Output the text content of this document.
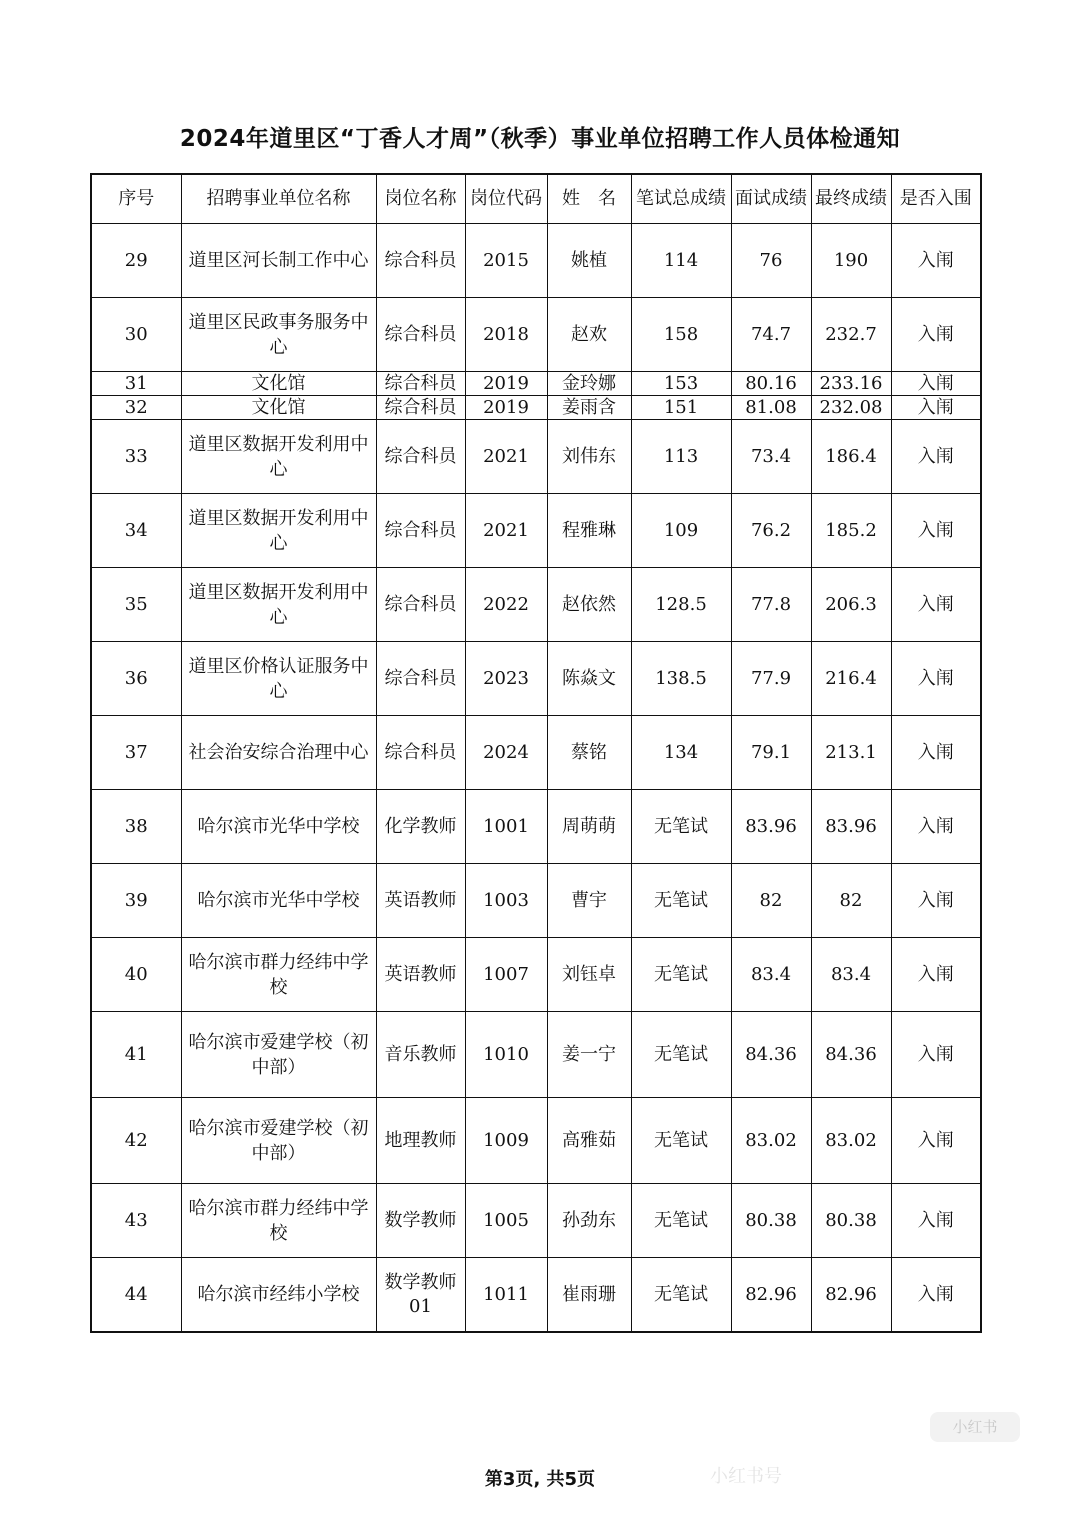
2024年道里区“丁香人才周”（秋季）事业单位招聘工作人员体检通知
序号	招聘事业单位名称	岗位名称	岗位代码	姓　名	笔试总成绩	面试成绩	最终成绩	是否入围
29	道里区河长制工作中心	综合科员	2015	姚植	114	76	190	入闱
30	道里区民政事务服务中心	综合科员	2018	赵欢	158	74.7	232.7	入闱
31	文化馆	综合科员	2019	金玲娜	153	80.16	233.16	入闱
32	文化馆	综合科员	2019	姜雨含	151	81.08	232.08	入闱
33	道里区数据开发利用中心	综合科员	2021	刘伟东	113	73.4	186.4	入闱
34	道里区数据开发利用中心	综合科员	2021	程雅琳	109	76.2	185.2	入闱
35	道里区数据开发利用中心	综合科员	2022	赵依然	128.5	77.8	206.3	入闱
36	道里区价格认证服务中心	综合科员	2023	陈焱文	138.5	77.9	216.4	入闱
37	社会治安综合治理中心	综合科员	2024	蔡铭	134	79.1	213.1	入闱
38	哈尔滨市光华中学校	化学教师	1001	周萌萌	无笔试	83.96	83.96	入闱
39	哈尔滨市光华中学校	英语教师	1003	曹宇	无笔试	82	82	入闱
40	哈尔滨市群力经纬中学校	英语教师	1007	刘钰卓	无笔试	83.4	83.4	入闱
41	哈尔滨市爱建学校（初中部）	音乐教师	1010	姜一宁	无笔试	84.36	84.36	入闱
42	哈尔滨市爱建学校（初中部）	地理教师	1009	高雅茹	无笔试	83.02	83.02	入闱
43	哈尔滨市群力经纬中学校	数学教师	1005	孙劲东	无笔试	80.38	80.38	入闱
44	哈尔滨市经纬小学校	数学教师01	1011	崔雨珊	无笔试	82.96	82.96	入闱
第3页, 共5页
小红书
小红书号
